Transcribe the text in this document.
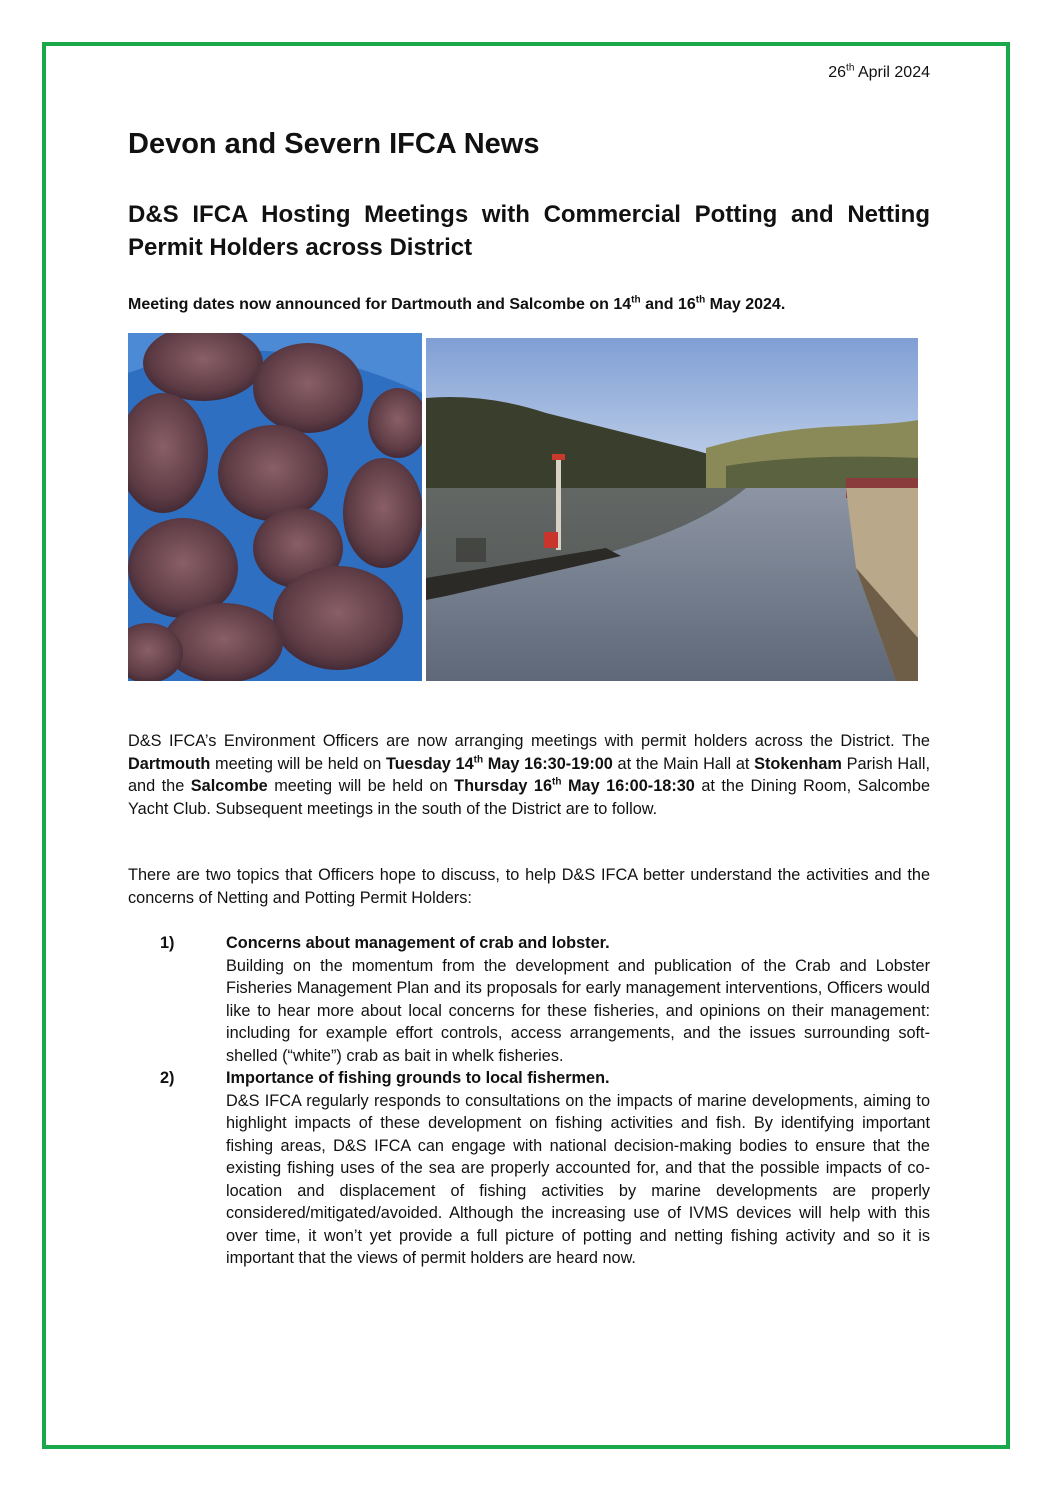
26th April 2024
Devon and Severn IFCA News
D&S IFCA Hosting Meetings with Commercial Potting and Netting Permit Holders across District
Meeting dates now announced for Dartmouth and Salcombe on 14th and 16th May 2024.

D&S IFCA’s Environment Officers are now arranging meetings with permit holders across the District. The Dartmouth meeting will be held on Tuesday 14th May 16:30-19:00 at the Main Hall at Stokenham Parish Hall, and the Salcombe meeting will be held on Thursday 16th May 16:00-18:30 at the Dining Room, Salcombe Yacht Club. Subsequent meetings in the south of the District are to follow.

There are two topics that Officers hope to discuss, to help D&S IFCA better understand the activities and the concerns of Netting and Potting Permit Holders:

1)	Concerns about management of crab and lobster.
Building on the momentum from the development and publication of the Crab and Lobster Fisheries Management Plan and its proposals for early management interventions, Officers would like to hear more about local concerns for these fisheries, and opinions on their management: including for example effort controls, access arrangements, and the issues surrounding soft-shelled (“white”) crab as bait in whelk fisheries.
2)	Importance of fishing grounds to local fishermen.
D&S IFCA regularly responds to consultations on the impacts of marine developments, aiming to highlight impacts of these development on fishing activities and fish. By identifying important fishing areas, D&S IFCA can engage with national decision-making bodies to ensure that the existing fishing uses of the sea are properly accounted for, and that the possible impacts of co-location and displacement of fishing activities by marine developments are properly considered/mitigated/avoided. Although the increasing use of IVMS devices will help with this over time, it won’t yet provide a full picture of potting and netting fishing activity and so it is important that the views of permit holders are heard now.
